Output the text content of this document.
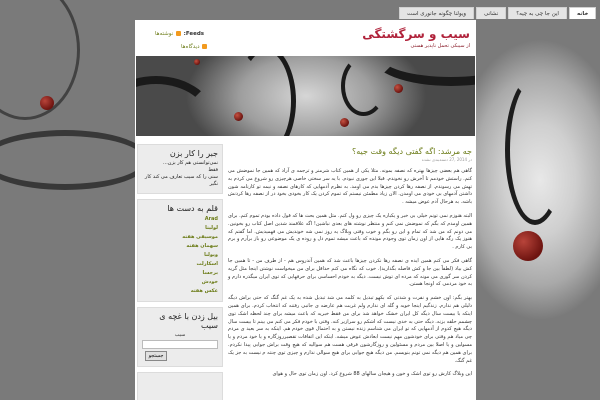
خانه
این جا چی به چیه؟
نشانی
ویولنا چگونه جانوری است
سیب و سرگشتگی
از سیبکی تحمل ناپذیر هستی
Feeds:  نوشته‌ها
دیدگاه‌ها
جبر را کار بزن
نمی‌توانستی هم کار بزن...
فقط
سنی را که سیب تعارف می کند کار نگیر
قلم به دست ها
Arad
لولیتا
موسیقی هفته
سهمان هفته
ویولنا
اسکارلت
برجسا
خودش
عکس هفته
بیل زدن با غچه ی سیب
سیب
جستجو
جه مرشد: اگه گفتی دیگه وقت جیه؟
در 2014 ,27 دسته‌بندی نشده

گاهی هم بعضی چیزها بهتره که نصفه بمونه. مثلا یکی از همین کتاب شرمنر و ترجمه ی آراد که همین جا نموضش می کنم. راستش خودمم تا آخرش رو نخوندم. قبلا این جوری نبودم. با یه سر سختی خاصی هرچیزی رو شروع می کردم به تهش می رسوندم. از نصفه رها کردن چیزها بدم می اومد. به نظرم آدمهایی که کارهای نصفه و نیمه تو کارنامه شون داشتن آدمهای بی خودی می اومدن. الان زیاد مطمئن نیستم که تموم کردن یک کار بخودی بخود در از نصفه رها کردنش باشه. به هرحال آدم عوض میشه .

البته هنوزم نمی تونم خیلی بی خبر و یکباره یک چیزی رو ول کنم. مثل همین بحث ها که قول داده بودم تموم کنم. برای همین اومدم که بگم که نموضش نمی کنم و منتظر نوشته های بعدی نباشین! اگه علاقمند شدین اصل کتاب رو بخونین. می دونم که من شد که تمام و این رو بگم و خوب وقتی وبلاگ یه روز نمی شه خوندیش می فهمیدیش. اما گفتم که هنوز یک رگه هایی از اون زمان توی وجودم مونده که باعث میشه تموم دل و روده ی یک موضوعی رو باز برآرم و برم بی کارم .

گاهی فکر می کنم همین ایده ی نصفه رها نکردن چیزها باعث شد که همین آندروس هم - از طرف من - تا همین جا کش بیاد (لطفاً بین جا و کش فاصله بگذارید). خوب که نگاه می کنم حداقل برای من میخواست نوشتن اینجا مثل گریه کردن سر گوری می مونه که مرده ای توش نیست. دیگه به خودم احساسی برای حرفهایی که توی ایران میگذره دارم و به خود مردمی که اونجا هستن.

بهتر بگم: اون خشم و نفرت و شدتی که بکهو تبدیل به کلمه می شد تبدیل شده به یک غم گنگ که حتی براش دیگه دلیلی هم ندارم. زندگیم اینجا خوبه و گله ای ندارم ولم غربت هم عارضه ی جانبی رفتنه که انتخاب کردم. برای همین اینکه با بیست سال دیگه کل ایران خشک خواهد شد برای من فقط خبریه که باعث میشه برای چند لحظه اشک توی چشمم حلقه بزنه. دیگه حتی به خدی نیست که اشکم رو سرازیر کنه. وقتی با خودم فکر می کنم می بینم تا بیست سال دیگه هیچ کدوم از آدمهایی که تو ایران می شناسم زنده نیستن و به احتمال قوی خودم هم. اینکه به سر بعید ی مردم چی میاد هم وقتی برای خودشون مهم نیست ابعادش عوض میشه. اینکه این اتفاقات تقصیرروزگاره و یا خود مردم و یا مسولین و یا اصلا بین مردم و مسئولین و روزگارشون فرقی هست هم سوالیه که هیچ وقت براش جوابی پیدا نکردم. برای همین هم دیگه نمی تونم بنویسم. من دیگه هیچ جوابی برای هیچ سوالی ندارم و چیزی توی چنته م نیست به جز یک غم گنگ.

این وبلاگ کارش رو توی اشک و خون و هیجان سالهای 88 شروع کرد. اون زمان توی حال و هوای
